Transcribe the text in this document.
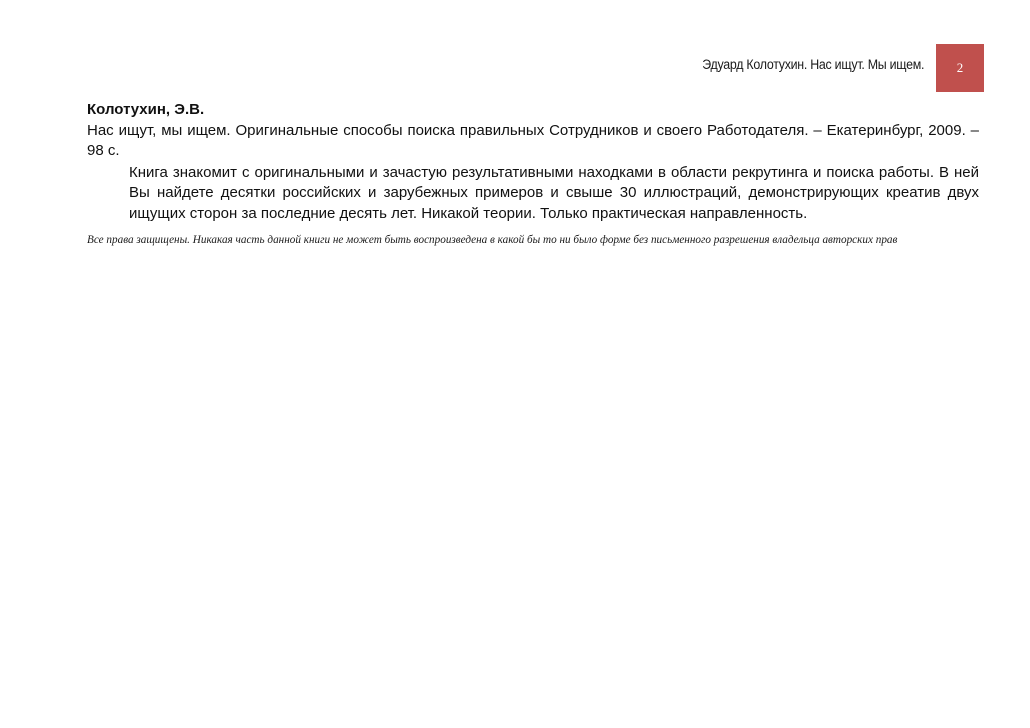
Эдуард Колотухин. Нас ищут. Мы ищем.	2

Колотухин, Э.В.

Нас ищут, мы ищем. Оригинальные способы поиска правильных Сотрудников и своего Работодателя. – Екатеринбург, 2009. – 98 с.

Книга знакомит с оригинальными и зачастую результативными находками в области рекрутинга и поиска работы. В ней Вы найдете десятки российских и зарубежных примеров и свыше 30 иллюстраций, демонстрирующих креатив двух ищущих сторон за последние десять лет. Никакой теории. Только практическая направленность.

Все права защищены. Никакая часть данной книги не может быть воспроизведена в какой бы то ни было форме без письменного разрешения владельца авторских прав
